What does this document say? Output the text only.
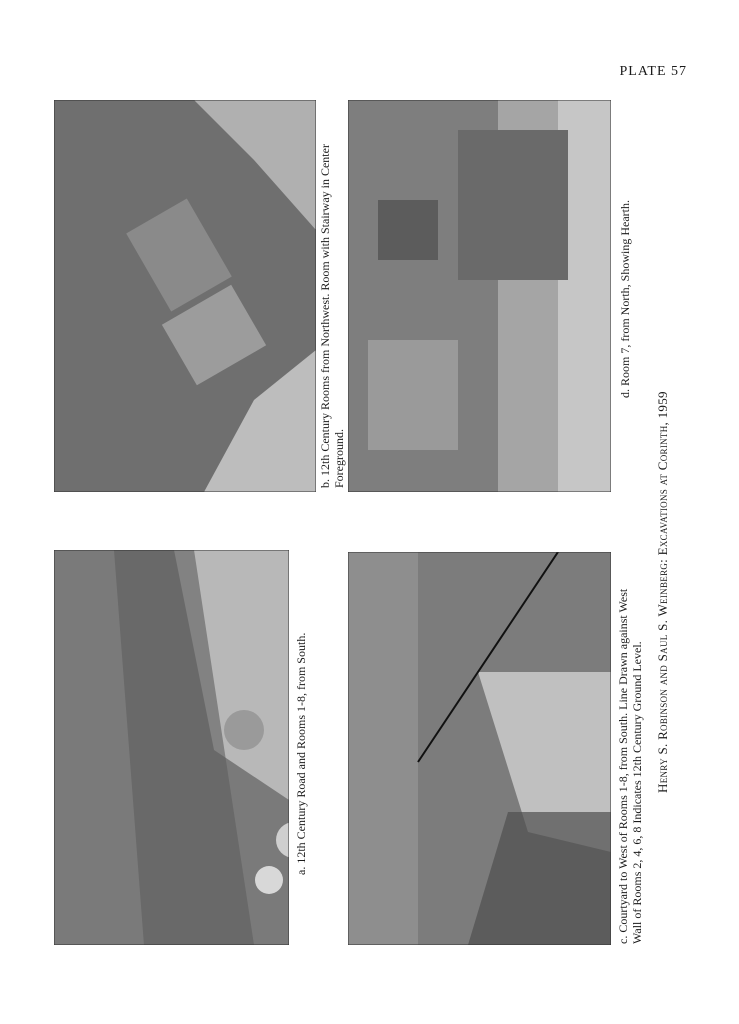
PLATE 57
a. 12th Century Road and Rooms 1-8, from South.
b. 12th Century Rooms from Northwest. Room with Stairway in Center Foreground.
c. Courtyard to West of Rooms 1-8, from South. Line Drawn against West Wall of Rooms 2, 4, 6, 8 Indicates 12th Century Ground Level.
d. Room 7, from North, Showing Hearth.
Henry S. Robinson and Saul S. Weinberg: Excavations at Corinth, 1959
